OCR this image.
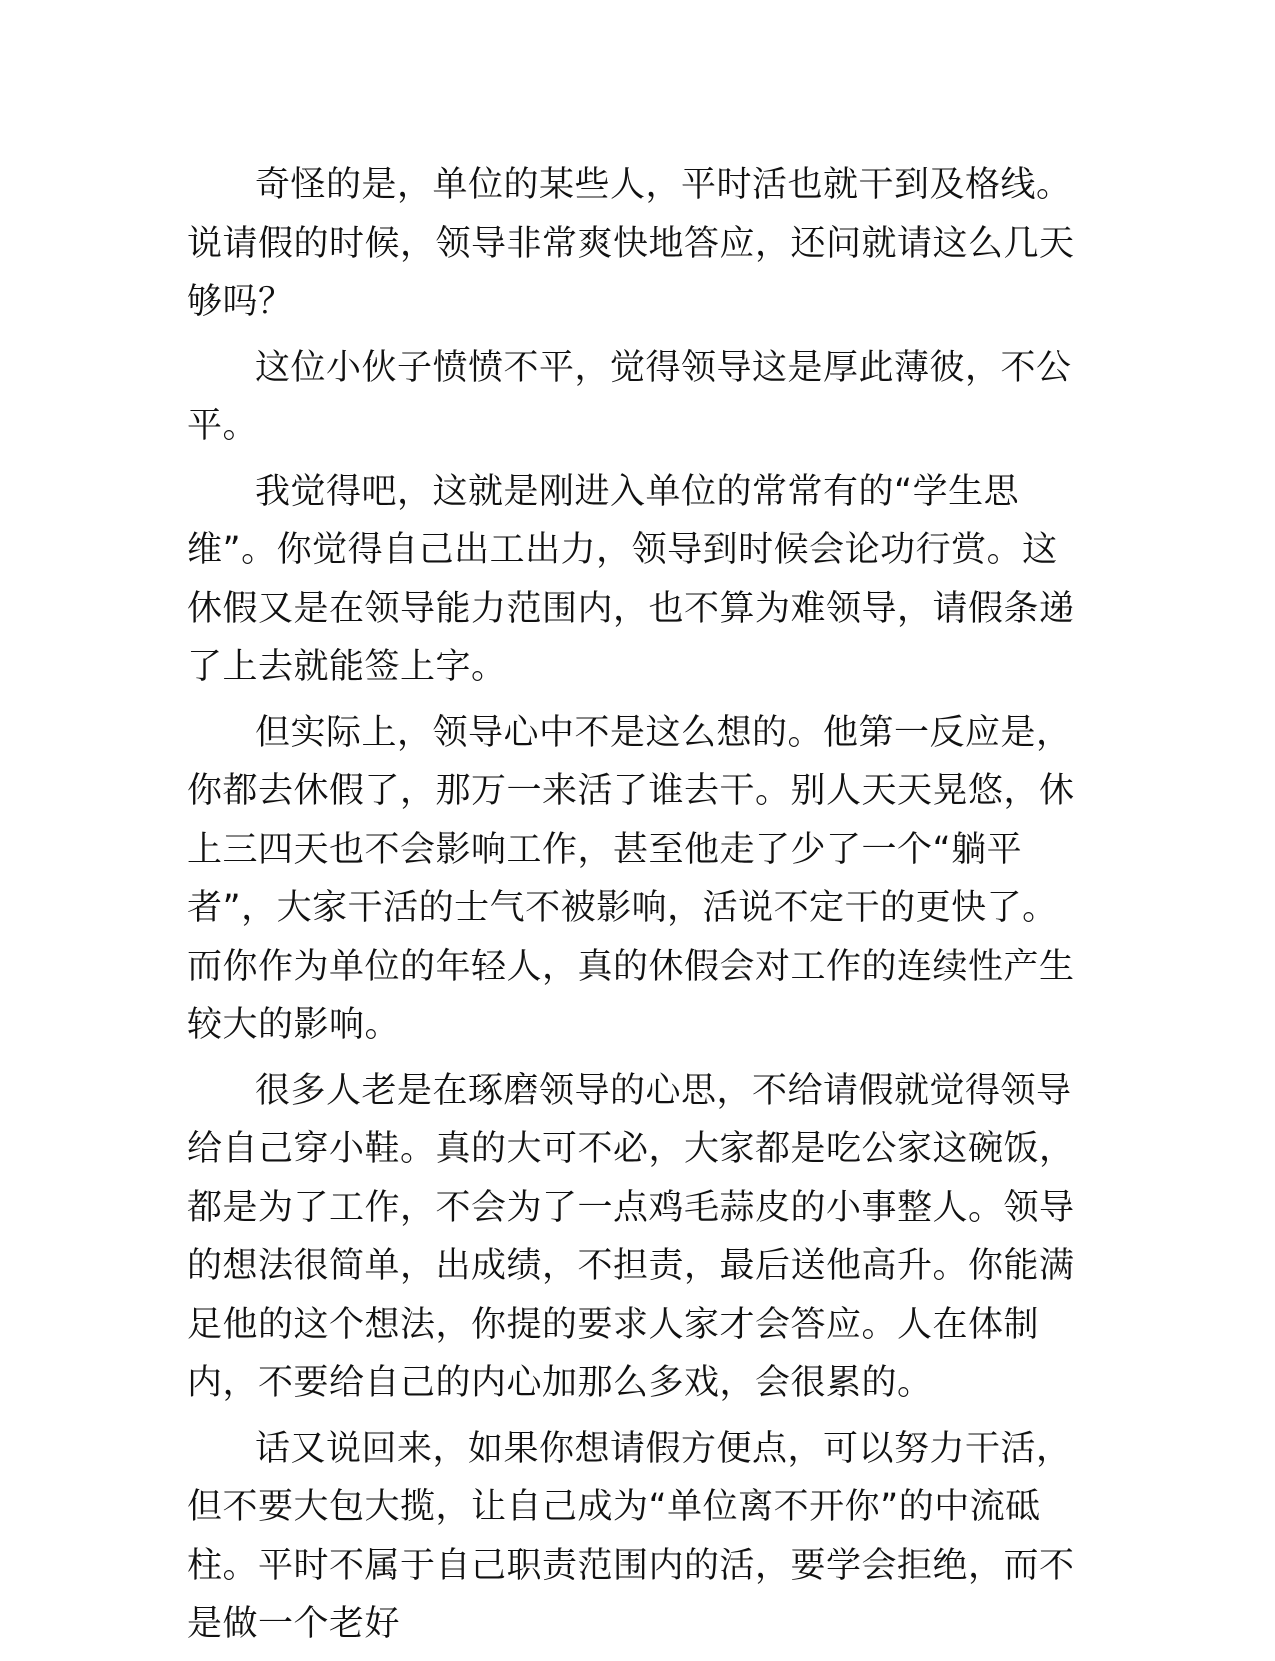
奇怪的是，单位的某些人，平时活也就干到及格线。说请假的时候，领导非常爽快地答应，还问就请这么几天够吗？

这位小伙子愤愤不平，觉得领导这是厚此薄彼，不公平。

我觉得吧，这就是刚进入单位的常常有的“学生思维”。你觉得自己出工出力，领导到时候会论功行赏。这休假又是在领导能力范围内，也不算为难领导，请假条递了上去就能签上字。

但实际上，领导心中不是这么想的。他第一反应是，你都去休假了，那万一来活了谁去干。别人天天晃悠，休上三四天也不会影响工作，甚至他走了少了一个“躺平者”，大家干活的士气不被影响，活说不定干的更快了。而你作为单位的年轻人，真的休假会对工作的连续性产生较大的影响。

很多人老是在琢磨领导的心思，不给请假就觉得领导给自己穿小鞋。真的大可不必，大家都是吃公家这碗饭，都是为了工作，不会为了一点鸡毛蒜皮的小事整人。领导的想法很简单，出成绩，不担责，最后送他高升。你能满足他的这个想法，你提的要求人家才会答应。人在体制内，不要给自己的内心加那么多戏，会很累的。

话又说回来，如果你想请假方便点，可以努力干活，但不要大包大揽，让自己成为“单位离不开你”的中流砥柱。平时不属于自己职责范围内的活，要学会拒绝，而不是做一个老好
